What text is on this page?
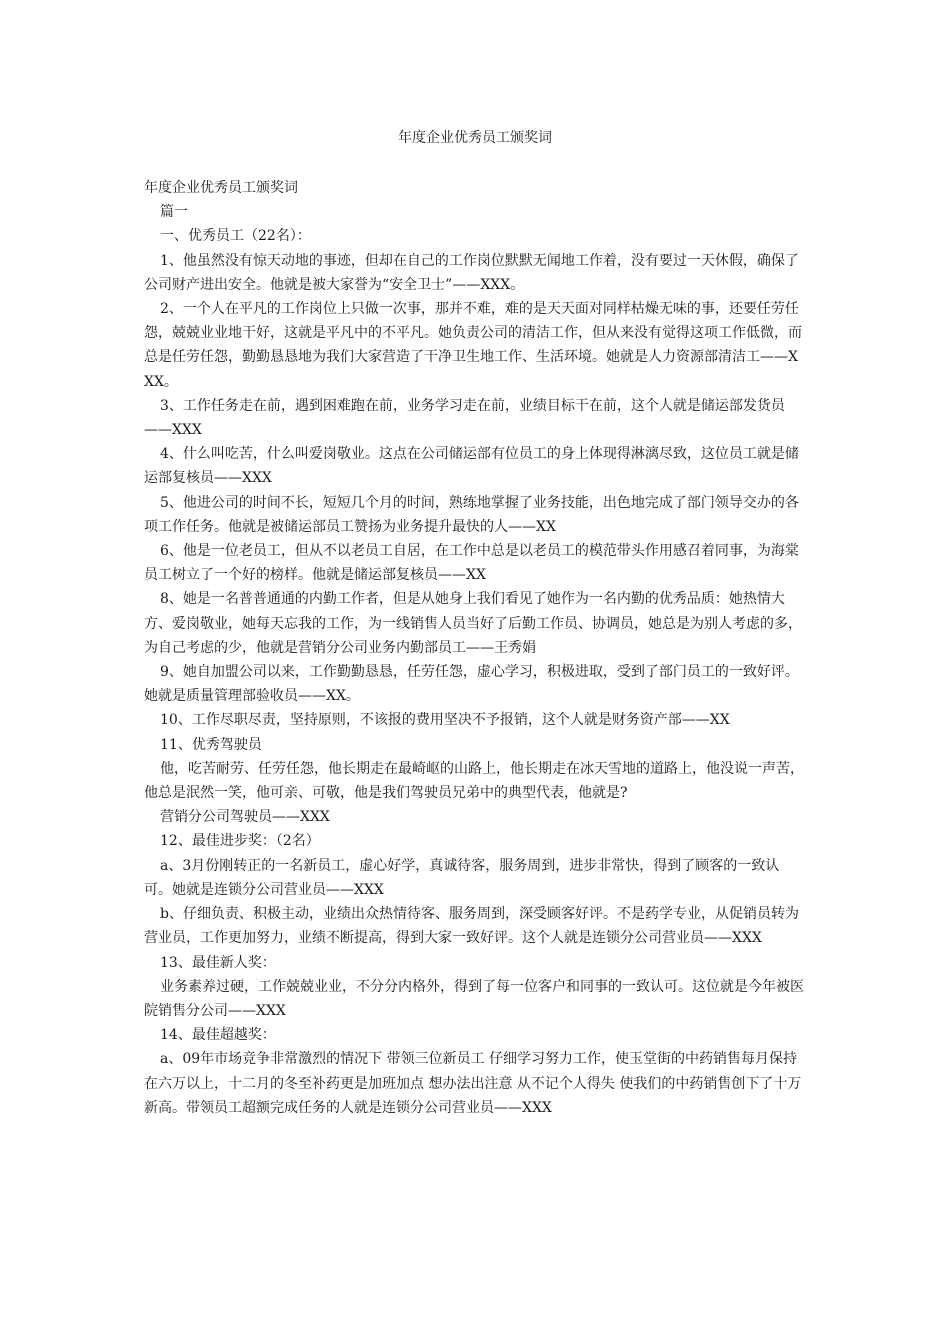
年度企业优秀员工颁奖词

年度企业优秀员工颁奖词

篇一

一、优秀员工（22名）：

1、他虽然没有惊天动地的事迹，但却在自己的工作岗位默默无闻地工作着，没有要过一天休假，确保了公司财产进出安全。他就是被大家誉为“安全卫士”——XXX。

2、一个人在平凡的工作岗位上只做一次事，那并不难，难的是天天面对同样枯燥无味的事，还要任劳任怨，兢兢业业地干好，这就是平凡中的不平凡。她负责公司的清洁工作，但从来没有觉得这项工作低微，而总是任劳任怨，勤勤恳恳地为我们大家营造了干净卫生地工作、生活环境。她就是人力资源部清洁工——XXX。

3、工作任务走在前，遇到困难跑在前，业务学习走在前，业绩目标干在前，这个人就是储运部发货员——XXX

4、什么叫吃苦，什么叫爱岗敬业。这点在公司储运部有位员工的身上体现得淋漓尽致，这位员工就是储运部复核员——XXX

5、他进公司的时间不长，短短几个月的时间，熟练地掌握了业务技能，出色地完成了部门领导交办的各项工作任务。他就是被储运部员工赞扬为业务提升最快的人——XX

6、他是一位老员工，但从不以老员工自居，在工作中总是以老员工的模范带头作用感召着同事，为海棠员工树立了一个好的榜样。他就是储运部复核员——XX

8、她是一名普普通通的内勤工作者，但是从她身上我们看见了她作为一名内勤的优秀品质：她热情大方、爱岗敬业，她每天忘我的工作，为一线销售人员当好了后勤工作员、协调员，她总是为别人考虑的多，为自己考虑的少，他就是营销分公司业务内勤部员工——王秀娟

9、她自加盟公司以来，工作勤勤恳恳，任劳任怨，虚心学习，积极进取，受到了部门员工的一致好评。她就是质量管理部验收员——XX。

10、工作尽职尽责，坚持原则，不该报的费用坚决不予报销，这个人就是财务资产部——XX

11、优秀驾驶员

他，吃苦耐劳、任劳任怨，他长期走在最崎岖的山路上，他长期走在冰天雪地的道路上，他没说一声苦，他总是泯然一笑，他可亲、可敬，他是我们驾驶员兄弟中的典型代表，他就是?

营销分公司驾驶员——XXX

12、最佳进步奖：（2名）

a、3月份刚转正的一名新员工，虚心好学，真诚待客，服务周到，进步非常快，得到了顾客的一致认可。她就是连锁分公司营业员——XXX

b、仔细负责、积极主动，业绩出众热情待客、服务周到，深受顾客好评。不是药学专业，从促销员转为营业员，工作更加努力，业绩不断提高，得到大家一致好评。这个人就是连锁分公司营业员——XXX

13、最佳新人奖：

业务素养过硬，工作兢兢业业，不分分内格外，得到了每一位客户和同事的一致认可。这位就是今年被医院销售分公司——XXX

14、最佳超越奖：

a、09年市场竞争非常激烈的情况下 带领三位新员工 仔细学习努力工作，使玉堂街的中药销售每月保持在六万以上，十二月的冬至补药更是加班加点 想办法出注意 从不记个人得失 使我们的中药销售创下了十万新高。带领员工超额完成任务的人就是连锁分公司营业员——XXX
